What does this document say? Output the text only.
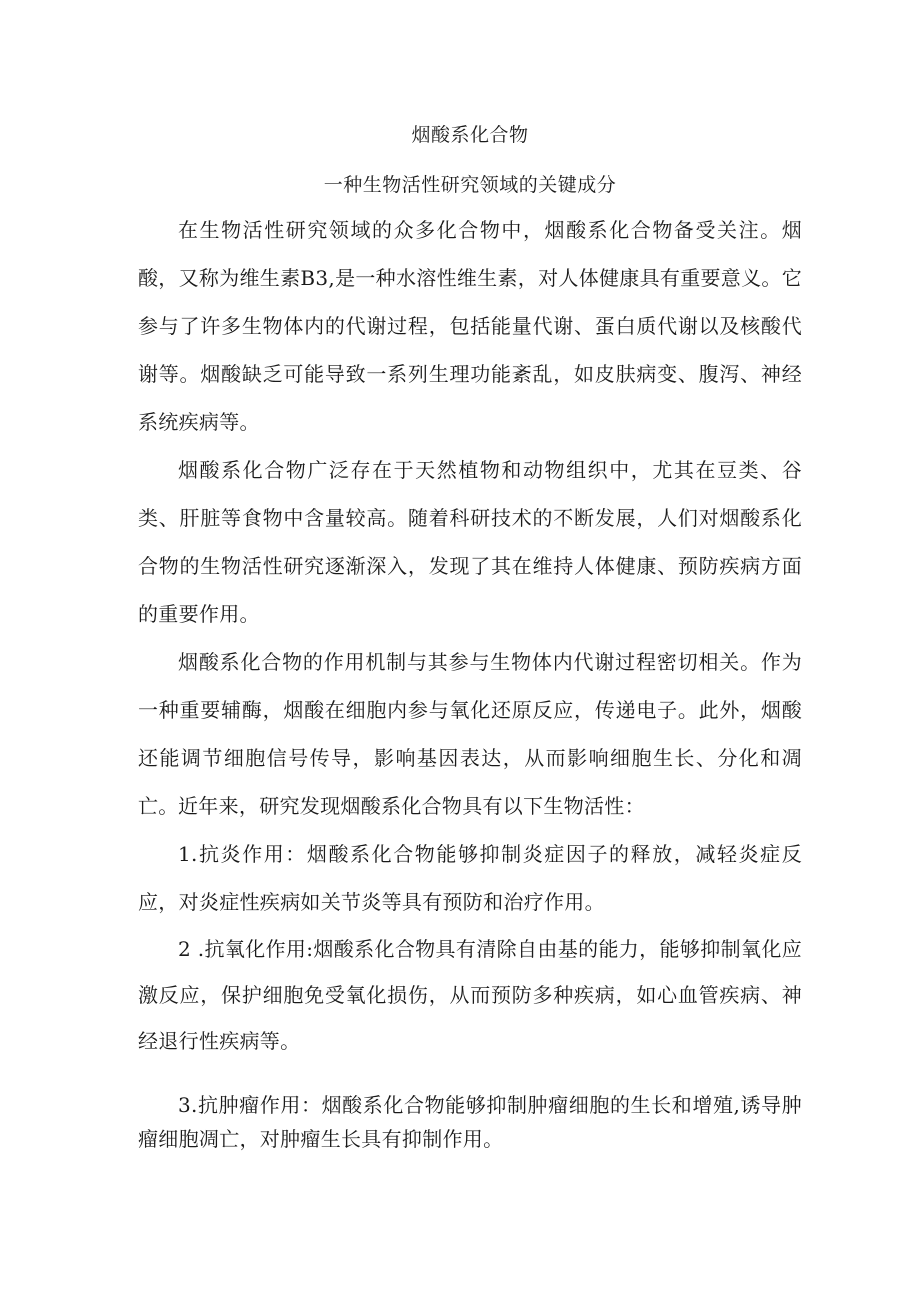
烟酸系化合物
一种生物活性研究领域的关键成分

在生物活性研究领域的众多化合物中，烟酸系化合物备受关注。烟酸，又称为维生素B3,是一种水溶性维生素，对人体健康具有重要意义。它参与了许多生物体内的代谢过程，包括能量代谢、蛋白质代谢以及核酸代谢等。烟酸缺乏可能导致一系列生理功能紊乱，如皮肤病变、腹泻、神经系统疾病等。

烟酸系化合物广泛存在于天然植物和动物组织中，尤其在豆类、谷类、肝脏等食物中含量较高。随着科研技术的不断发展，人们对烟酸系化合物的生物活性研究逐渐深入，发现了其在维持人体健康、预防疾病方面的重要作用。

烟酸系化合物的作用机制与其参与生物体内代谢过程密切相关。作为一种重要辅酶，烟酸在细胞内参与氧化还原反应，传递电子。此外，烟酸还能调节细胞信号传导，影响基因表达，从而影响细胞生长、分化和凋亡。 近年来，研究发现烟酸系化合物具有以下生物活性：

1.抗炎作用：烟酸系化合物能够抑制炎症因子的释放，减轻炎症反应，对炎症性疾病如关节炎等具有预防和治疗作用。

2 .抗氧化作用:烟酸系化合物具有清除自由基的能力，能够抑制氧化应激反应，保护细胞免受氧化损伤，从而预防多种疾病，如心血管疾病、神经退行性疾病等。

3.抗肿瘤作用：烟酸系化合物能够抑制肿瘤细胞的生长和增殖,诱导肿瘤细胞凋亡，对肿瘤生长具有抑制作用。
